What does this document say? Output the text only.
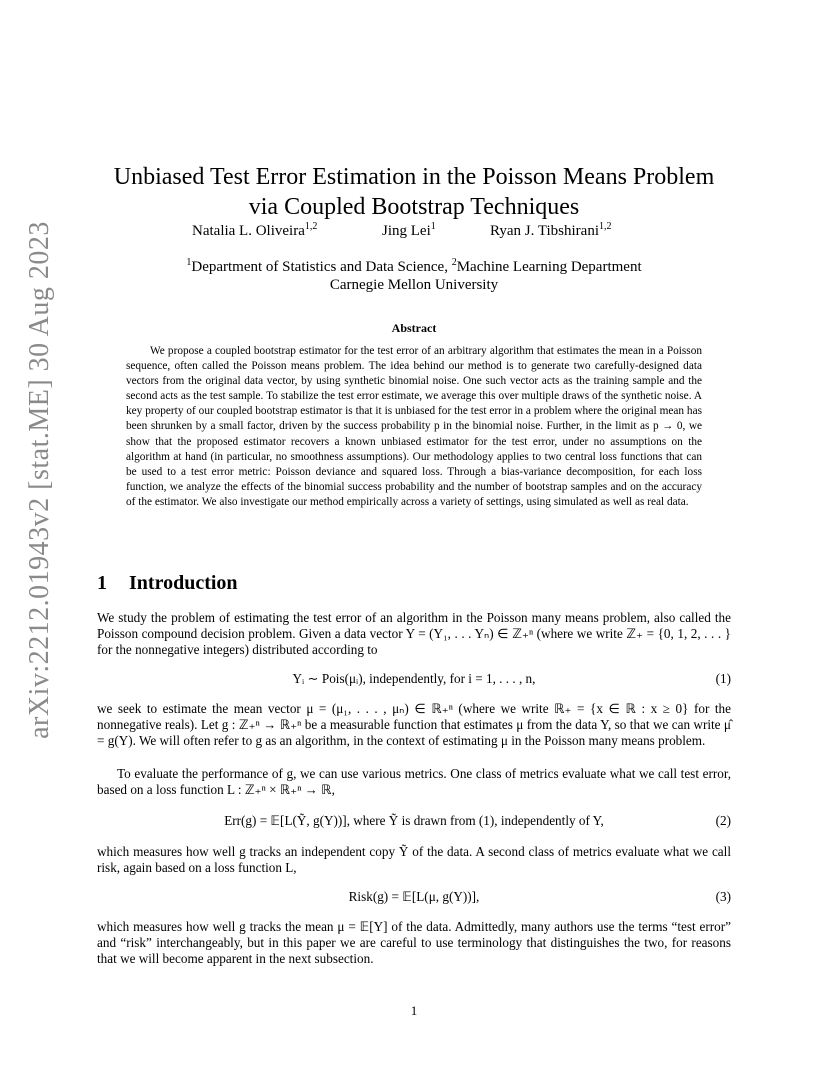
arXiv:2212.01943v2 [stat.ME] 30 Aug 2023
Unbiased Test Error Estimation in the Poisson Means Problem via Coupled Bootstrap Techniques
Natalia L. Oliveira$^{1,2}$	Jing Lei$^1$	Ryan J. Tibshirani$^{1,2}$
$^1$Department of Statistics and Data Science, $^2$Machine Learning Department
Carnegie Mellon University
Abstract

We propose a coupled bootstrap estimator for the test error of an arbitrary algorithm that estimates the mean in a Poisson sequence, often called the Poisson means problem. The idea behind our method is to generate two carefully-designed data vectors from the original data vector, by using synthetic binomial noise. One such vector acts as the training sample and the second acts as the test sample. To stabilize the test error estimate, we average this over multiple draws of the synthetic noise. A key property of our coupled bootstrap estimator is that it is unbiased for the test error in a problem where the original mean has been shrunken by a small factor, driven by the success probability p in the binomial noise. Further, in the limit as p → 0, we show that the proposed estimator recovers a known unbiased estimator for the test error, under no assumptions on the algorithm at hand (in particular, no smoothness assumptions). Our methodology applies to two central loss functions that can be used to a test error metric: Poisson deviance and squared loss. Through a bias-variance decomposition, for each loss function, we analyze the effects of the binomial success probability and the number of bootstrap samples and on the accuracy of the estimator. We also investigate our method empirically across a variety of settings, using simulated as well as real data.

1 Introduction

We study the problem of estimating the test error of an algorithm in the Poisson many means problem, also called the Poisson compound decision problem. Given a data vector Y = (Y₁, . . . Yₙ) ∈ ℤ₊ⁿ (where we write ℤ₊ = {0, 1, 2, . . . } for the nonnegative integers) distributed according to

Yᵢ ∼ Pois(μᵢ), independently, for i = 1, . . . , n,	(1)

we seek to estimate the mean vector μ = (μ₁, . . . , μₙ) ∈ ℝ₊ⁿ (where we write ℝ₊ = {x ∈ ℝ : x ≥ 0} for the nonnegative reals). Let g : ℤ₊ⁿ → ℝ₊ⁿ be a measurable function that estimates μ from the data Y, so that we can write μ̂ = g(Y). We will often refer to g as an algorithm, in the context of estimating μ in the Poisson many means problem.

To evaluate the performance of g, we can use various metrics. One class of metrics evaluate what we call test error, based on a loss function L : ℤ₊ⁿ × ℝ₊ⁿ → ℝ,

Err(g) = 𝔼[L(Ỹ, g(Y))], where Ỹ is drawn from (1), independently of Y,	(2)

which measures how well g tracks an independent copy Ỹ of the data. A second class of metrics evaluate what we call risk, again based on a loss function L,

Risk(g) = 𝔼[L(μ, g(Y))],	(3)

which measures how well g tracks the mean μ = 𝔼[Y] of the data. Admittedly, many authors use the terms “test error” and “risk” interchangeably, but in this paper we are careful to use terminology that distinguishes the two, for reasons that we will become apparent in the next subsection.

1
